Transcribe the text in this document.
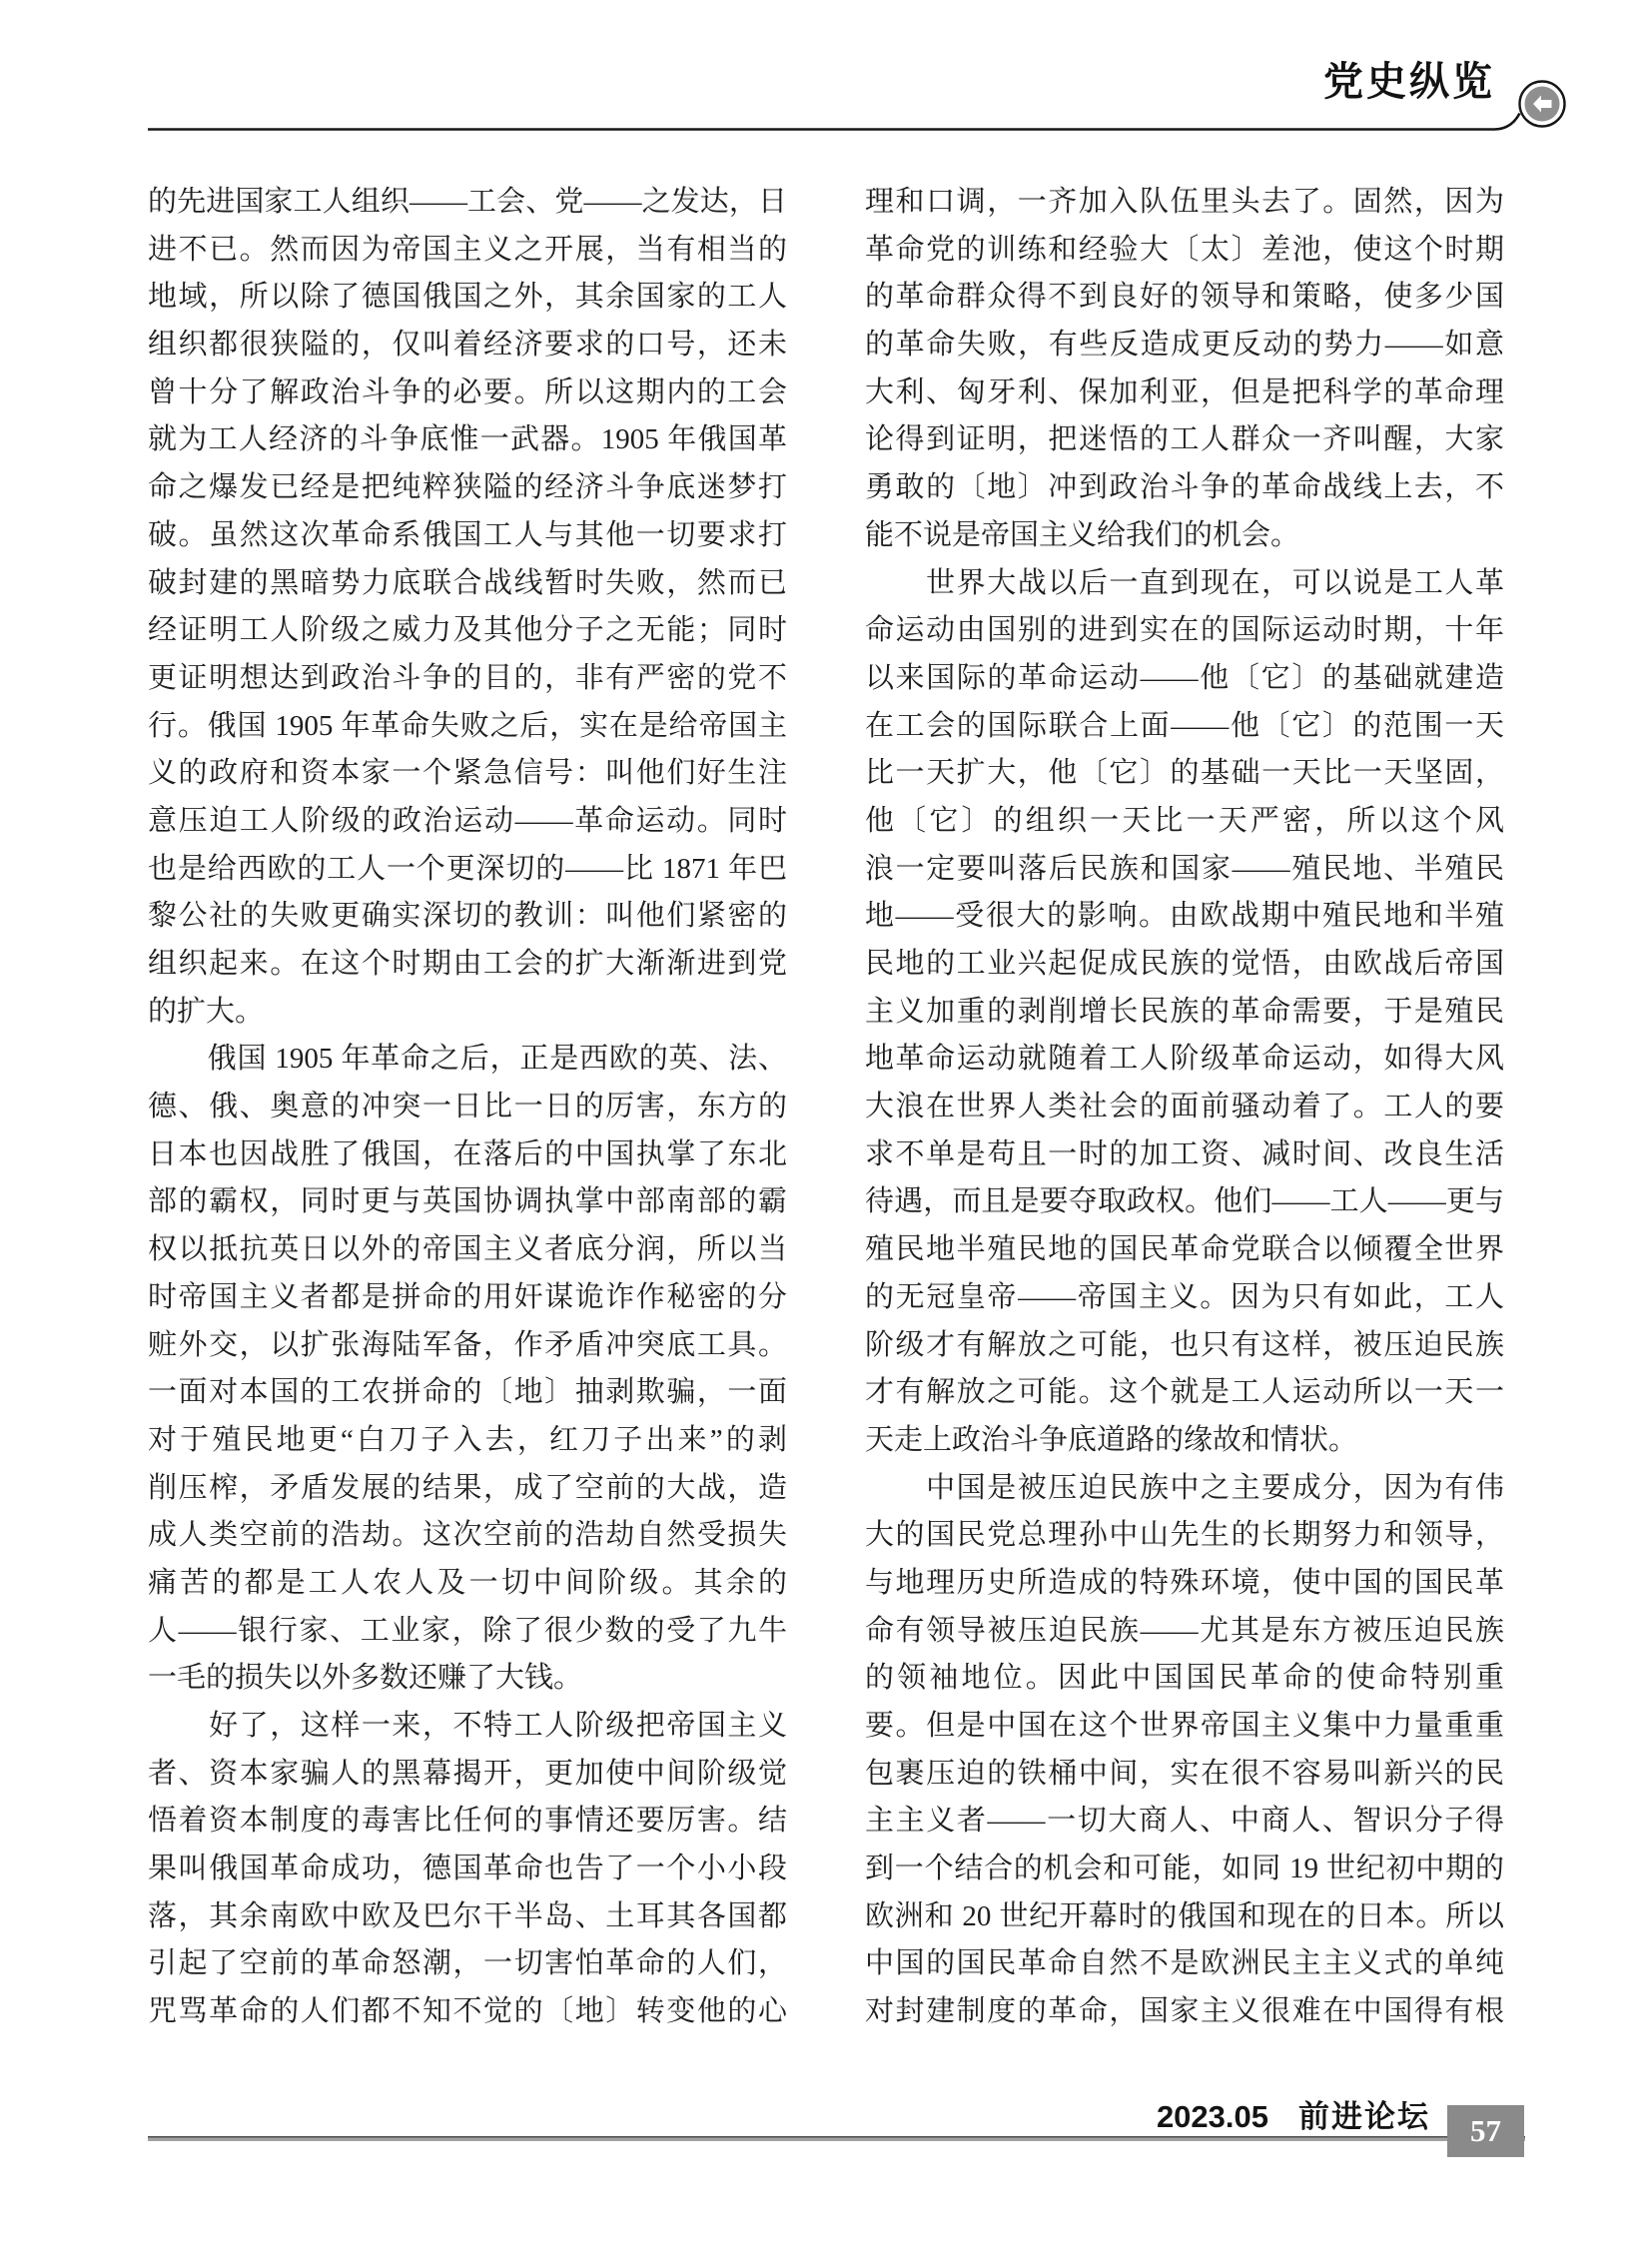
党史纵览
的先进国家工人组织——工会、党——之发达，日
进不已。然而因为帝国主义之开展，当有相当的
地域，所以除了德国俄国之外，其余国家的工人
组织都很狭隘的，仅叫着经济要求的口号，还未
曾十分了解政治斗争的必要。所以这期内的工会
就为工人经济的斗争底惟一武器。1905 年俄国革
命之爆发已经是把纯粹狭隘的经济斗争底迷梦打
破。虽然这次革命系俄国工人与其他一切要求打
破封建的黑暗势力底联合战线暂时失败，然而已
经证明工人阶级之威力及其他分子之无能；同时
更证明想达到政治斗争的目的，非有严密的党不
行。俄国 1905 年革命失败之后，实在是给帝国主
义的政府和资本家一个紧急信号：叫他们好生注
意压迫工人阶级的政治运动——革命运动。同时
也是给西欧的工人一个更深切的——比 1871 年巴
黎公社的失败更确实深切的教训：叫他们紧密的
组织起来。在这个时期由工会的扩大渐渐进到党
的扩大。
　　俄国 1905 年革命之后，正是西欧的英、法、
德、俄、奥意的冲突一日比一日的厉害，东方的
日本也因战胜了俄国，在落后的中国执掌了东北
部的霸权，同时更与英国协调执掌中部南部的霸
权以抵抗英日以外的帝国主义者底分润，所以当
时帝国主义者都是拼命的用奸谋诡诈作秘密的分
赃外交，以扩张海陆军备，作矛盾冲突底工具。
一面对本国的工农拼命的〔地〕抽剥欺骗，一面
对于殖民地更“白刀子入去，红刀子出来”的剥
削压榨，矛盾发展的结果，成了空前的大战，造
成人类空前的浩劫。这次空前的浩劫自然受损失
痛苦的都是工人农人及一切中间阶级。其余的
人——银行家、工业家，除了很少数的受了九牛
一毛的损失以外多数还赚了大钱。
　　好了，这样一来，不特工人阶级把帝国主义
者、资本家骗人的黑幕揭开，更加使中间阶级觉
悟着资本制度的毒害比任何的事情还要厉害。结
果叫俄国革命成功，德国革命也告了一个小小段
落，其余南欧中欧及巴尔干半岛、土耳其各国都
引起了空前的革命怒潮，一切害怕革命的人们，
咒骂革命的人们都不知不觉的〔地〕转变他的心
理和口调，一齐加入队伍里头去了。固然，因为
革命党的训练和经验大〔太〕差池，使这个时期
的革命群众得不到良好的领导和策略，使多少国
的革命失败，有些反造成更反动的势力——如意
大利、匈牙利、保加利亚，但是把科学的革命理
论得到证明，把迷悟的工人群众一齐叫醒，大家
勇敢的〔地〕冲到政治斗争的革命战线上去，不
能不说是帝国主义给我们的机会。
　　世界大战以后一直到现在，可以说是工人革
命运动由国别的进到实在的国际运动时期，十年
以来国际的革命运动——他〔它〕的基础就建造
在工会的国际联合上面——他〔它〕的范围一天
比一天扩大，他〔它〕的基础一天比一天坚固，
他〔它〕的组织一天比一天严密，所以这个风
浪一定要叫落后民族和国家——殖民地、半殖民
地——受很大的影响。由欧战期中殖民地和半殖
民地的工业兴起促成民族的觉悟，由欧战后帝国
主义加重的剥削增长民族的革命需要，于是殖民
地革命运动就随着工人阶级革命运动，如得大风
大浪在世界人类社会的面前骚动着了。工人的要
求不单是苟且一时的加工资、减时间、改良生活
待遇，而且是要夺取政权。他们——工人——更与
殖民地半殖民地的国民革命党联合以倾覆全世界
的无冠皇帝——帝国主义。因为只有如此，工人
阶级才有解放之可能，也只有这样，被压迫民族
才有解放之可能。这个就是工人运动所以一天一
天走上政治斗争底道路的缘故和情状。
　　中国是被压迫民族中之主要成分，因为有伟
大的国民党总理孙中山先生的长期努力和领导，
与地理历史所造成的特殊环境，使中国的国民革
命有领导被压迫民族——尤其是东方被压迫民族
的领袖地位。因此中国国民革命的使命特别重
要。但是中国在这个世界帝国主义集中力量重重
包裹压迫的铁桶中间，实在很不容易叫新兴的民
主主义者——一切大商人、中商人、智识分子得
到一个结合的机会和可能，如同 19 世纪初中期的
欧洲和 20 世纪开幕时的俄国和现在的日本。所以
中国的国民革命自然不是欧洲民主主义式的单纯
对封建制度的革命，国家主义很难在中国得有根
2023.05 前进论坛 57
